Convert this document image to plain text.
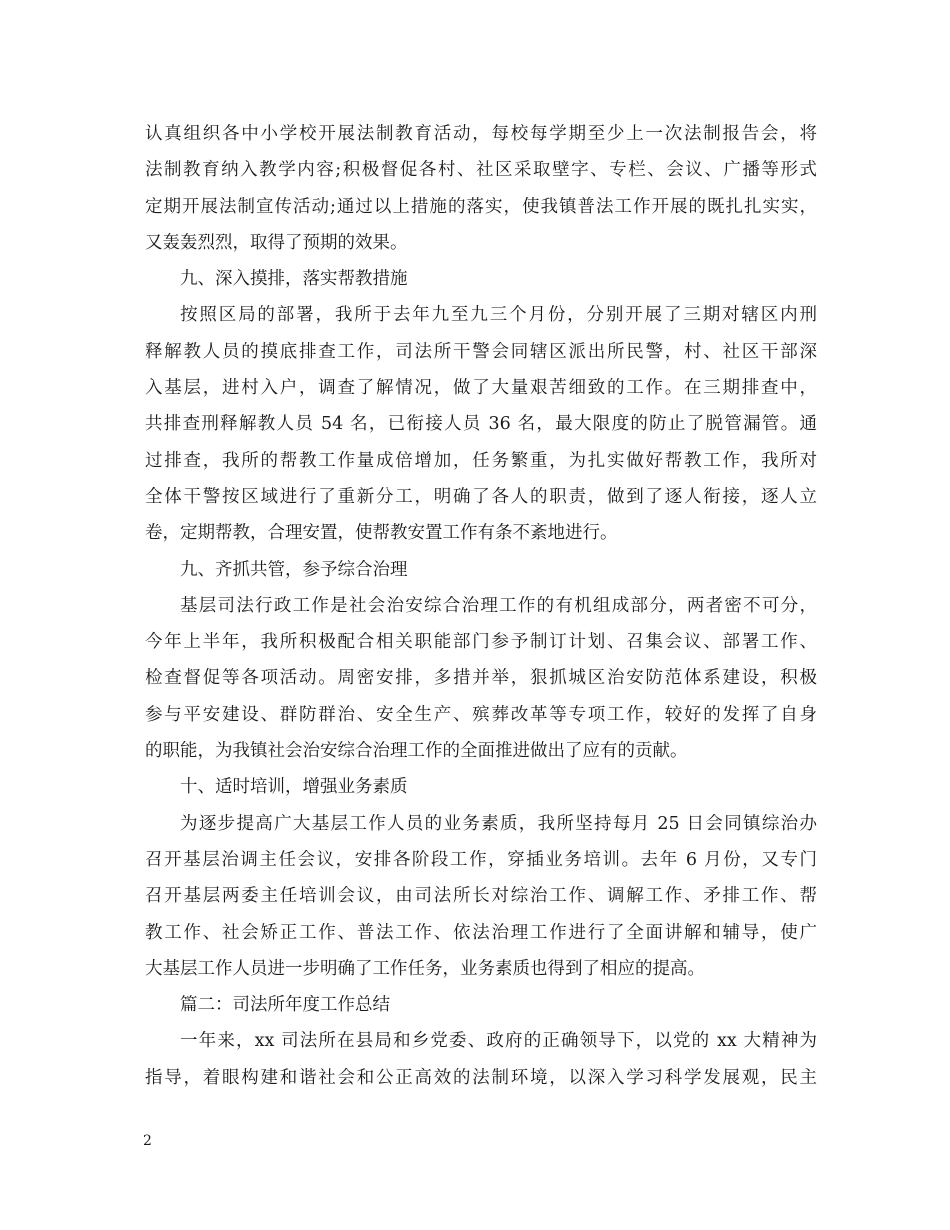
认真组织各中小学校开展法制教育活动，每校每学期至少上一次法制报告会，将
法制教育纳入教学内容;积极督促各村、社区采取壁字、专栏、会议、广播等形式
定期开展法制宣传活动;通过以上措施的落实，使我镇普法工作开展的既扎扎实实，
又轰轰烈烈，取得了预期的效果。
九、深入摸排，落实帮教措施
按照区局的部署，我所于去年九至九三个月份，分别开展了三期对辖区内刑
释解教人员的摸底排查工作，司法所干警会同辖区派出所民警，村、社区干部深
入基层，进村入户，调查了解情况，做了大量艰苦细致的工作。在三期排查中，
共排查刑释解教人员 54 名，已衔接人员 36 名，最大限度的防止了脱管漏管。通
过排查，我所的帮教工作量成倍增加，任务繁重，为扎实做好帮教工作，我所对
全体干警按区域进行了重新分工，明确了各人的职责，做到了逐人衔接，逐人立
卷，定期帮教，合理安置，使帮教安置工作有条不紊地进行。
九、齐抓共管，参予综合治理
基层司法行政工作是社会治安综合治理工作的有机组成部分，两者密不可分，
今年上半年，我所积极配合相关职能部门参予制订计划、召集会议、部署工作、
检查督促等各项活动。周密安排，多措并举，狠抓城区治安防范体系建设，积极
参与平安建设、群防群治、安全生产、殡葬改革等专项工作，较好的发挥了自身
的职能，为我镇社会治安综合治理工作的全面推进做出了应有的贡献。
十、适时培训，增强业务素质
为逐步提高广大基层工作人员的业务素质，我所坚持每月 25 日会同镇综治办
召开基层治调主任会议，安排各阶段工作，穿插业务培训。去年 6 月份，又专门
召开基层两委主任培训会议，由司法所长对综治工作、调解工作、矛排工作、帮
教工作、社会矫正工作、普法工作、依法治理工作进行了全面讲解和辅导，使广
大基层工作人员进一步明确了工作任务，业务素质也得到了相应的提高。
篇二：司法所年度工作总结
一年来，xx 司法所在县局和乡党委、政府的正确领导下，以党的 xx 大精神为
指导，着眼构建和谐社会和公正高效的法制环境，以深入学习科学发展观，民主
2
